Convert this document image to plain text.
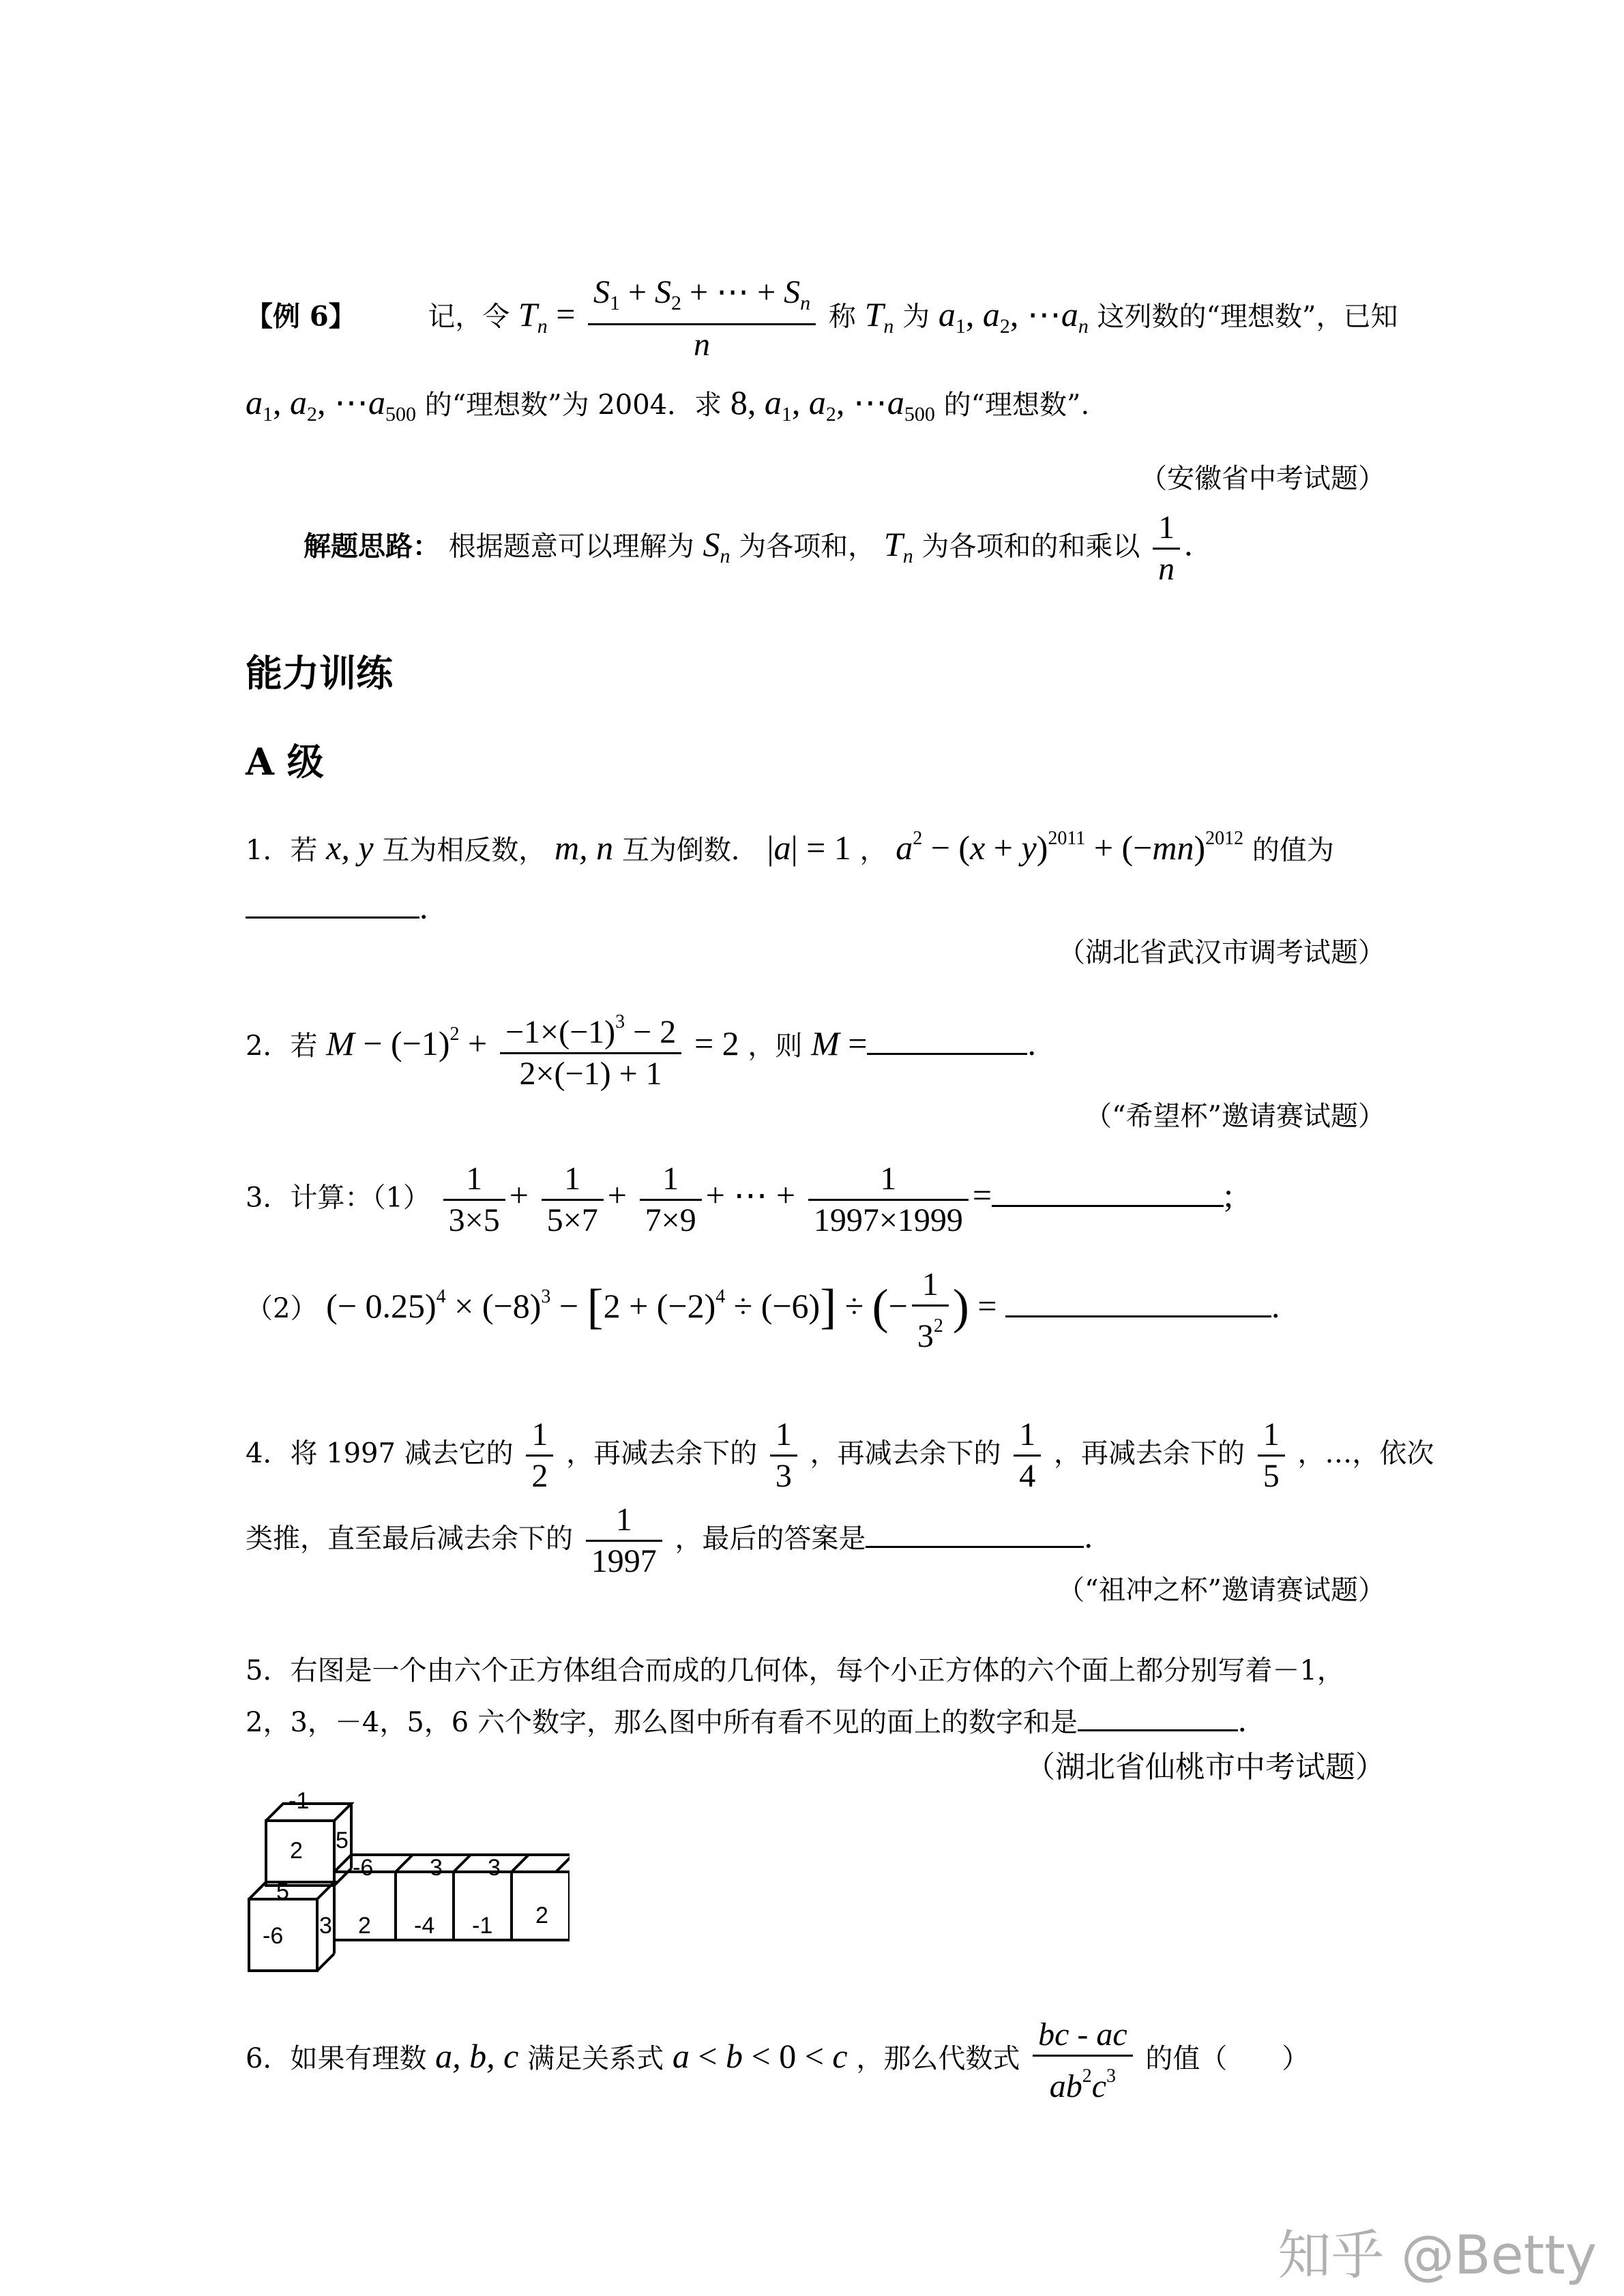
【例 6】	记，令 $T_n = \frac{S_1 + S_2 + \cdots + S_n}{n}$ 称 $T_n$ 为 $a_1$, $a_2$, $\cdots a_n$ 这列数的“理想数”，已知
$a_1$, $a_2$, $\cdots a_{500}$ 的“理想数”为 2004．求 8, $a_1$, $a_2$, $\cdots a_{500}$ 的“理想数”.
（安徽省中考试题）
解题思路： 根据题意可以理解为 $S_n$ 为各项和， $T_n$ 为各项和的和乘以 $\frac{1}{n}$ .
能力训练
A 级
1．若 x, y 互为相反数， m, n 互为倒数． |a| = 1 ， $a^2 - (x + y)^{2011} + (-mn)^{2012}$ 的值为
.
（湖北省武汉市调考试题）
2．若 $M - (-1)^2 + \frac{-1\times(-1)^3 - 2}{2\times(-1) + 1} = 2$ ，则 M =	.
（“希望杯”邀请赛试题）
3．计算：$(1) \frac{1}{3\times 5} + \frac{1}{5\times 7} + \frac{1}{7\times 9}$ + ⋯ + $\frac{1}{1997\times 1999}$ =	;
（2） (− $0.25)^4 \times (-8)^3 - [2 + (-2)^4 \div (-6)]$ ÷ (− $\frac{1}{3^2}$ ) =	.
4．将 1997 减去它的 $\frac{1}{2}$ ，再减去余下的 $\frac{1}{3}$ ，再减去余下的 $\frac{1}{4}$ ，再减去余下的 $\frac{1}{5}$ ，…，依次
类推，直至最后减去余下的 $\frac{1}{1997}$ ，最后的答案是	.
（“祖冲之杯”邀请赛试题）
5．右图是一个由六个正方体组合而成的几何体，每个小正方体的六个面上都分别写着－1，
2，3，－4，5，6 六个数字，那么图中所有看不见的面上的数字和是	.
（湖北省仙桃市中考试题）
-1
2 5
-6 3 3
5
-6 3 2 -4 -1 2
6．如果有理数 a, b, c 满足关系式 a < b < 0 < c ，那么代数式 $\frac{bc - ac}{ab^2c^3}$ 的值（　　）
知乎 @Betty
